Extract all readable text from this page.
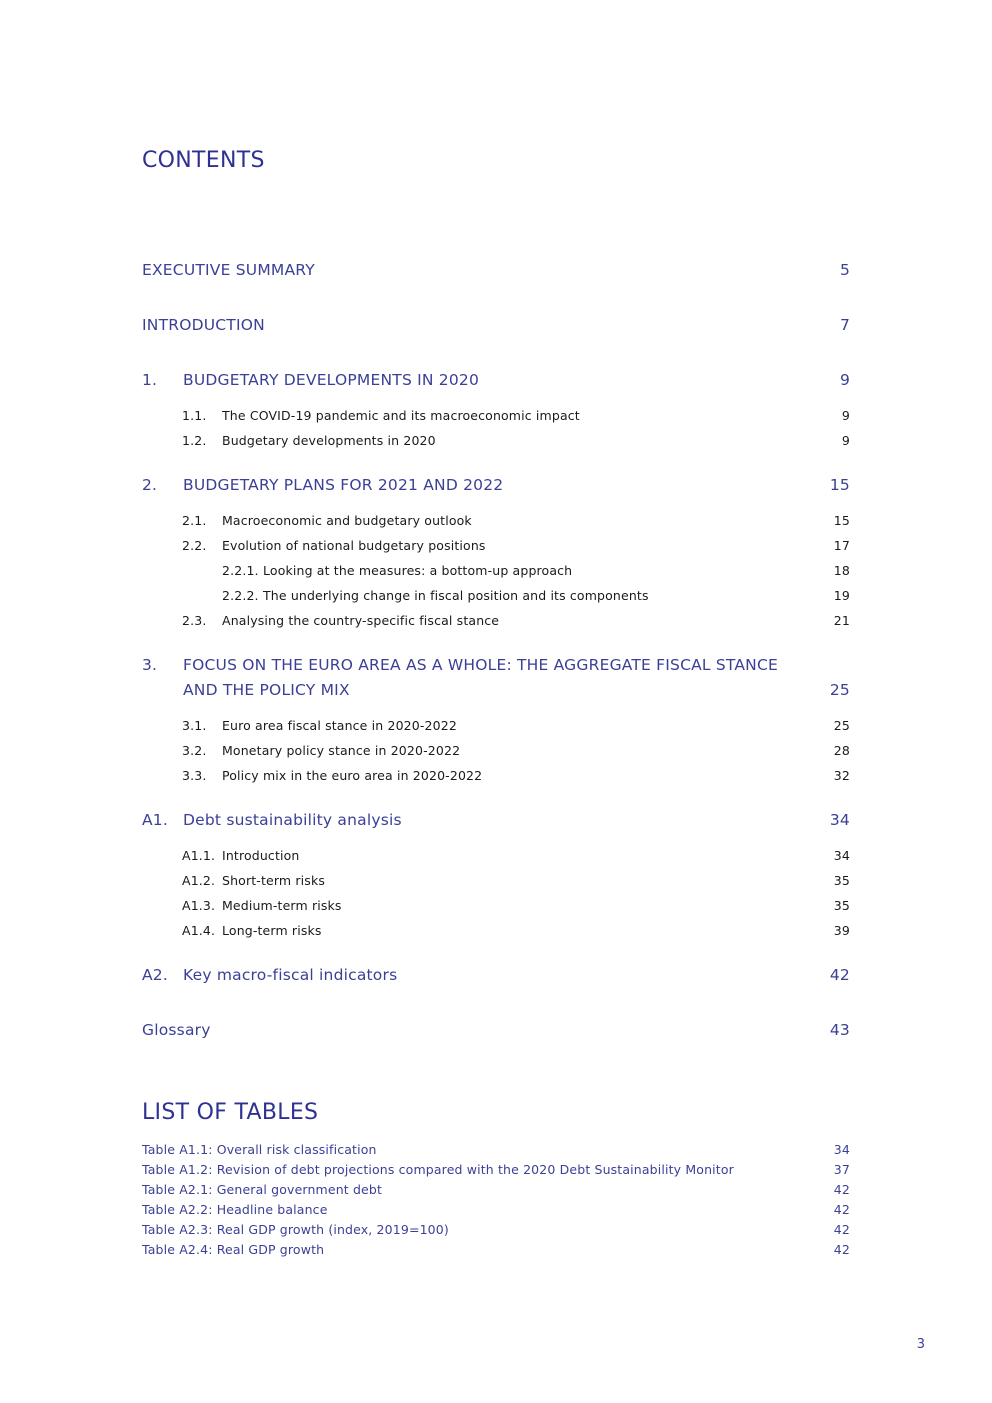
CONTENTS
EXECUTIVE SUMMARY	5
INTRODUCTION	7
1. BUDGETARY DEVELOPMENTS IN 2020	9
1.1. The COVID-19 pandemic and its macroeconomic impact	9
1.2. Budgetary developments in 2020	9
2. BUDGETARY PLANS FOR 2021 AND 2022	15
2.1. Macroeconomic and budgetary outlook	15
2.2. Evolution of national budgetary positions	17
2.2.1. Looking at the measures: a bottom-up approach	18
2.2.2. The underlying change in fiscal position and its components	19
2.3. Analysing the country-specific fiscal stance	21
3. FOCUS ON THE EURO AREA AS A WHOLE: THE AGGREGATE FISCAL STANCE AND THE POLICY MIX	25
3.1. Euro area fiscal stance in 2020-2022	25
3.2. Monetary policy stance in 2020-2022	28
3.3. Policy mix in the euro area in 2020-2022	32
A1. Debt sustainability analysis	34
A1.1. Introduction	34
A1.2. Short-term risks	35
A1.3. Medium-term risks	35
A1.4. Long-term risks	39
A2. Key macro-fiscal indicators	42
Glossary	43
LIST OF TABLES
Table A1.1: Overall risk classification	34
Table A1.2: Revision of debt projections compared with the 2020 Debt Sustainability Monitor	37
Table A2.1: General government debt	42
Table A2.2: Headline balance	42
Table A2.3: Real GDP growth (index, 2019=100)	42
Table A2.4: Real GDP growth	42
3
